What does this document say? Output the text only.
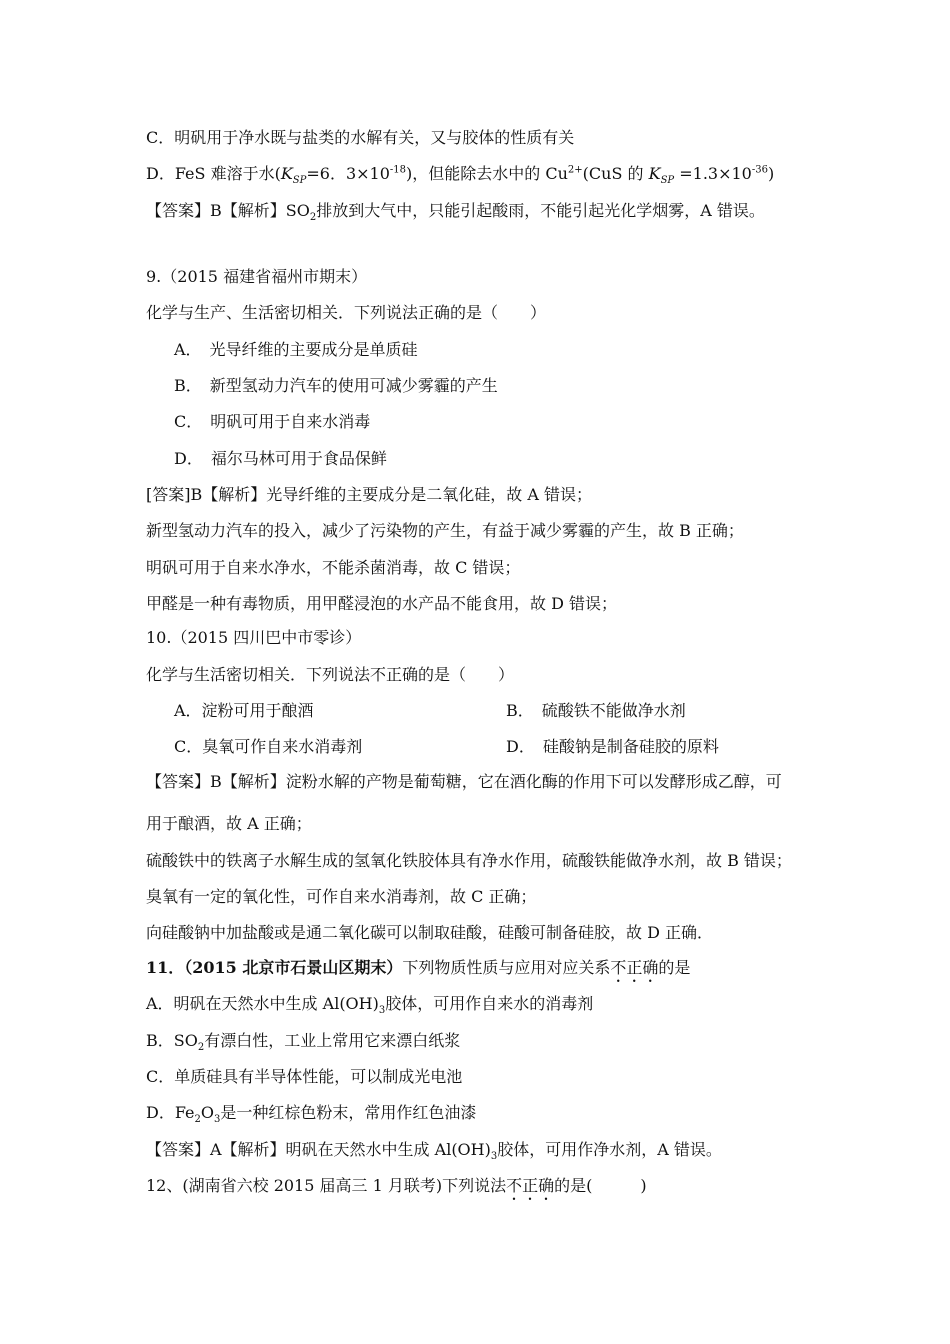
C．明矾用于净水既与盐类的水解有关，又与胶体的性质有关
D．FeS 难溶于水($K_{SP}=6$．$3\times 10^{-18}$)，但能除去水中的 $Cu^{2+}(CuS$ 的 $K_{SP} =1.3\times 10^{-36}$)
【答案】B【解析】$SO_2$排放到大气中，只能引起酸雨，不能引起光化学烟雾，A 错误。
9.（2015 福建省福州市期末）
化学与生产、生活密切相关．下列说法正确的是（　　）
A．　光导纤维的主要成分是单质硅
B．　新型氢动力汽车的使用可减少雾霾的产生
C．　明矾可用于自来水消毒
D．　福尔马林可用于食品保鲜
[答案]B【解析】光导纤维的主要成分是二氧化硅，故 A 错误；
新型氢动力汽车的投入，减少了污染物的产生，有益于减少雾霾的产生，故 B 正确；
明矾可用于自来水净水，不能杀菌消毒，故 C 错误；
甲醛是一种有毒物质，用甲醛浸泡的水产品不能食用，故 D 错误；
10.（2015 四川巴中市零诊）
化学与生活密切相关．下列说法不正确的是（　　）
A．淀粉可用于酿酒	B．　硫酸铁不能做净水剂
C．臭氧可作自来水消毒剂	D．　硅酸钠是制备硅胶的原料
【答案】B【解析】淀粉水解的产物是葡萄糖，它在酒化酶的作用下可以发酵形成乙醇，可
用于酿酒，故 A 正确；
硫酸铁中的铁离子水解生成的氢氧化铁胶体具有净水作用，硫酸铁能做净水剂，故 B 错误；
臭氧有一定的氧化性，可作自来水消毒剂，故 C 正确；
向硅酸钠中加盐酸或是通二氧化碳可以制取硅酸，硅酸可制备硅胶，故 D 正确．
11．（2015 北京市石景山区期末）下列物质性质与应用对应关系不正确的是
A．明矾在天然水中生成 $Al(OH)_3$胶体，可用作自来水的消毒剂
B．$SO_2$有漂白性，工业上常用它来漂白纸浆
C．单质硅具有半导体性能，可以制成光电池
D．$Fe_2O_3$是一种红棕色粉末，常用作红色油漆
【答案】A【解析】明矾在天然水中生成 $Al(OH)_3$胶体，可用作净水剂，A 错误。
12、(湖南省六校 2015 届高三 1 月联考)下列说法不正确的是(　　　)
